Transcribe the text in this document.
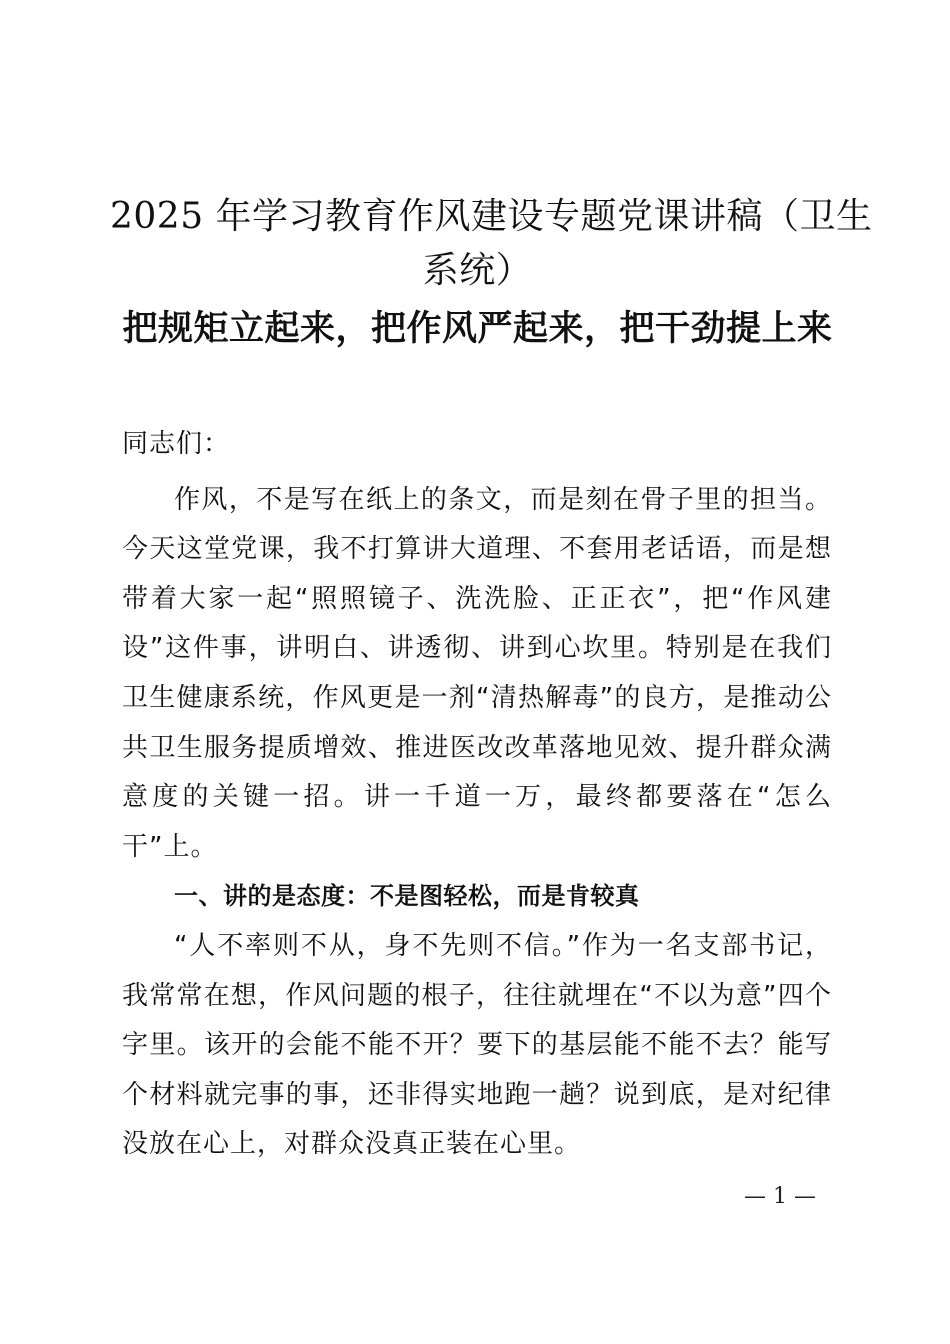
2025 年学习教育作风建设专题党课讲稿（卫生
系统）
把规矩立起来，把作风严起来，把干劲提上来

同志们：

作风，不是写在纸上的条文，而是刻在骨子里的担当。今天这堂党课，我不打算讲大道理、不套用老话语，而是想带着大家一起“照照镜子、洗洗脸、正正衣”，把“作风建设”这件事，讲明白、讲透彻、讲到心坎里。特别是在我们卫生健康系统，作风更是一剂“清热解毒”的良方，是推动公共卫生服务提质增效、推进医改改革落地见效、提升群众满意度的关键一招。讲一千道一万，最终都要落在“怎么干”上。

一、讲的是态度：不是图轻松，而是肯较真

“人不率则不从，身不先则不信。”作为一名支部书记，我常常在想，作风问题的根子，往往就埋在“不以为意”四个字里。该开的会能不能不开？要下的基层能不能不去？能写个材料就完事的事，还非得实地跑一趟？说到底，是对纪律没放在心上，对群众没真正装在心里。

— 1 —
